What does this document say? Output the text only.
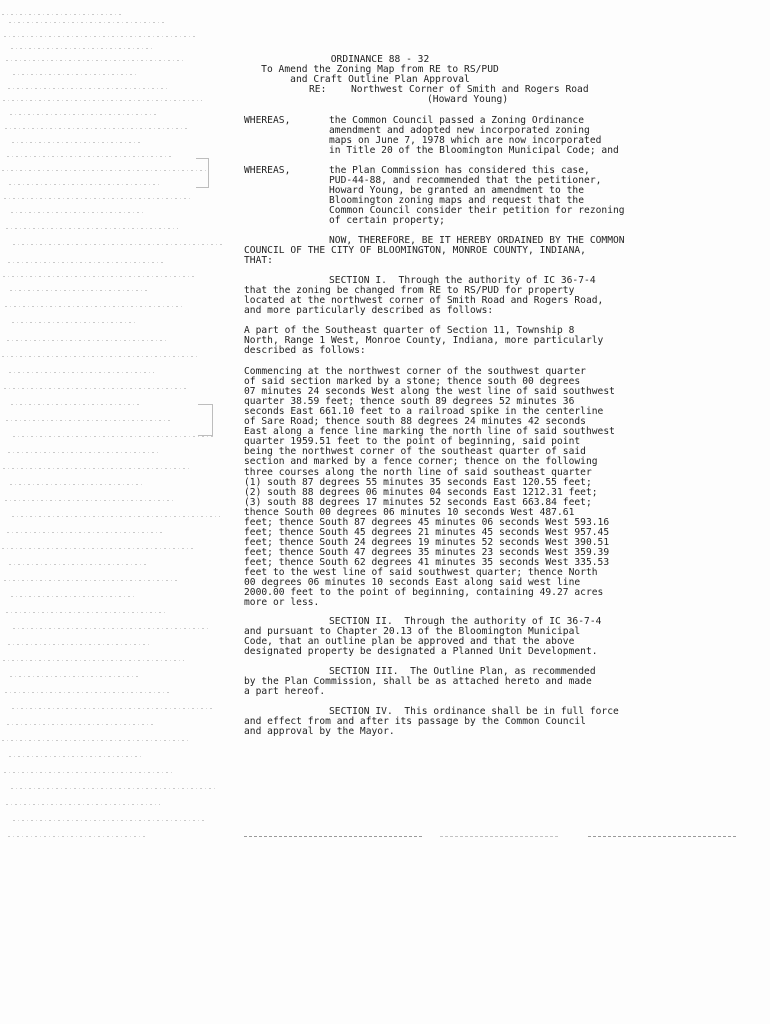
ORDINANCE 88 - 32
To Amend the Zoning Map from RE to RS/PUD
and Craft Outline Plan Approval
RE:	Northwest Corner of Smith and Rogers Road
(Howard Young)
WHEREAS,	the Common Council passed a Zoning Ordinance
amendment and adopted new incorporated zoning
maps on June 7, 1978 which are now incorporated
in Title 20 of the Bloomington Municipal Code; and
WHEREAS,	the Plan Commission has considered this case,
PUD-44-88, and recommended that the petitioner,
Howard Young, be granted an amendment to the
Bloomington zoning maps and request that the
Common Council consider their petition for rezoning
of certain property;
NOW, THEREFORE, BE IT HEREBY ORDAINED BY THE COMMON
COUNCIL OF THE CITY OF BLOOMINGTON, MONROE COUNTY, INDIANA,
THAT:
SECTION I.  Through the authority of IC 36-7-4
that the zoning be changed from RE to RS/PUD for property
located at the northwest corner of Smith Road and Rogers Road,
and more particularly described as follows:
A part of the Southeast quarter of Section 11, Township 8
North, Range 1 West, Monroe County, Indiana, more particularly
described as follows:
Commencing at the northwest corner of the southwest quarter
of said section marked by a stone; thence south 00 degrees
07 minutes 24 seconds West along the west line of said southwest
quarter 38.59 feet; thence south 89 degrees 52 minutes 36
seconds East 661.10 feet to a railroad spike in the centerline
of Sare Road; thence south 88 degrees 24 minutes 42 seconds
East along a fence line marking the north line of said southwest
quarter 1959.51 feet to the point of beginning, said point
being the northwest corner of the southeast quarter of said
section and marked by a fence corner; thence on the following
three courses along the north line of said southeast quarter
(1) south 87 degrees 55 minutes 35 seconds East 120.55 feet;
(2) south 88 degrees 06 minutes 04 seconds East 1212.31 feet;
(3) south 88 degrees 17 minutes 52 seconds East 663.84 feet;
thence South 00 degrees 06 minutes 10 seconds West 487.61
feet; thence South 87 degrees 45 minutes 06 seconds West 593.16
feet; thence South 45 degrees 21 minutes 45 seconds West 957.45
feet; thence South 24 degrees 19 minutes 52 seconds West 390.51
feet; thence South 47 degrees 35 minutes 23 seconds West 359.39
feet; thence South 62 degrees 41 minutes 35 seconds West 335.53
feet to the west line of said southwest quarter; thence North
00 degrees 06 minutes 10 seconds East along said west line
2000.00 feet to the point of beginning, containing 49.27 acres
more or less.
SECTION II.  Through the authority of IC 36-7-4
and pursuant to Chapter 20.13 of the Bloomington Municipal
Code, that an outline plan be approved and that the above
designated property be designated a Planned Unit Development.
SECTION III.  The Outline Plan, as recommended
by the Plan Commission, shall be as attached hereto and made
a part hereof.
SECTION IV.  This ordinance shall be in full force
and effect from and after its passage by the Common Council
and approval by the Mayor.
